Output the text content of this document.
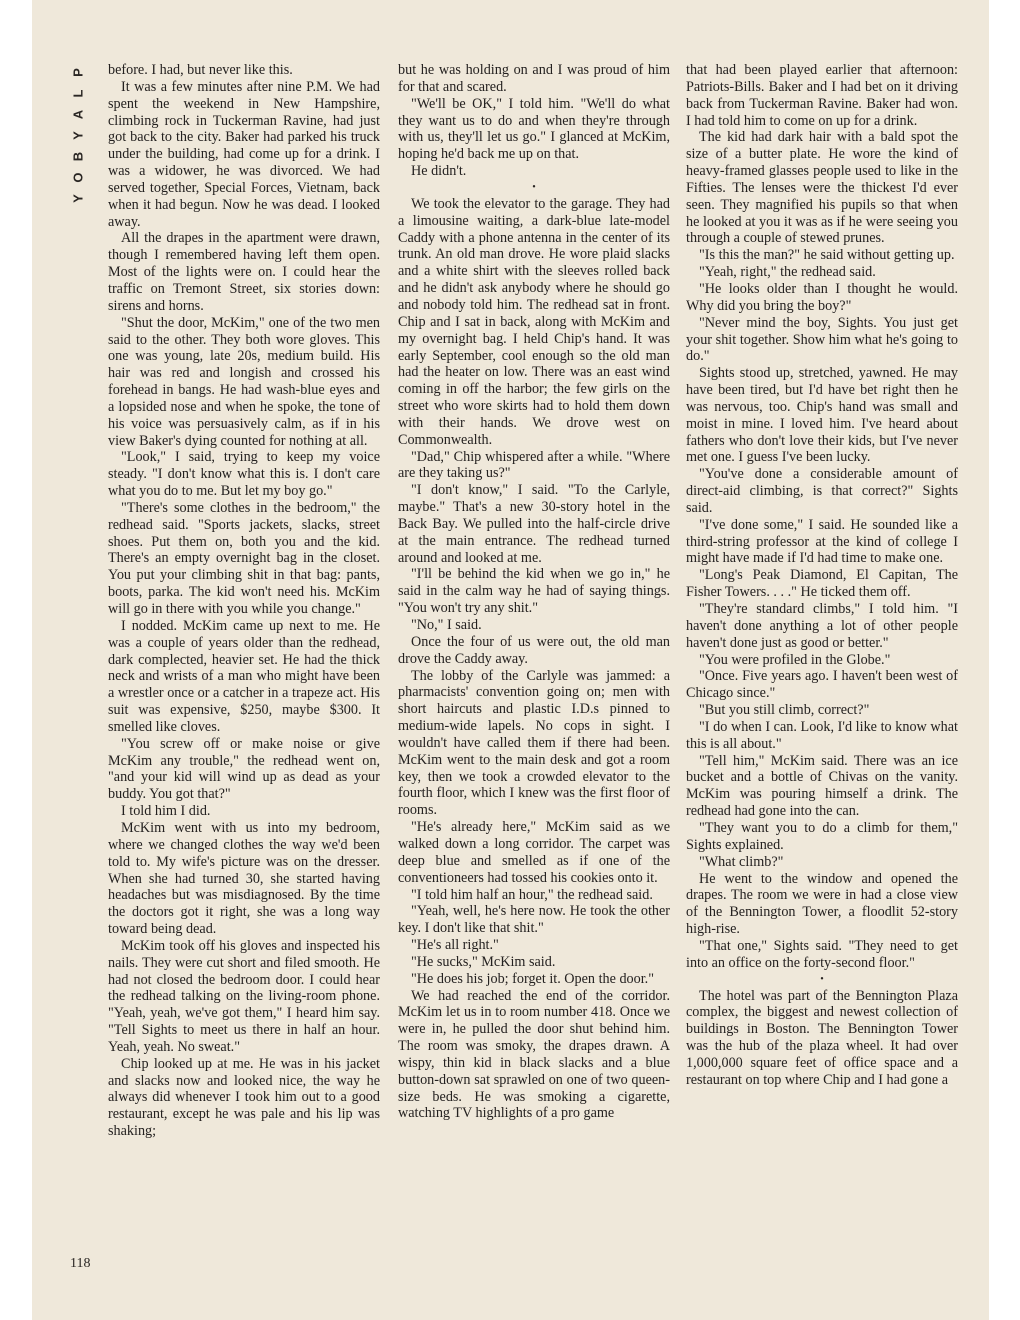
P
L
A
Y
B
O
Y
118

before. I had, but never like this.

It was a few minutes after nine P.M. We had spent the weekend in New Hampshire, climbing rock in Tuckerman Ravine, had just got back to the city. Baker had parked his truck under the building, had come up for a drink. I was a widower, he was divorced. We had served together, Special Forces, Vietnam, back when it had begun. Now he was dead. I looked away.

All the drapes in the apartment were drawn, though I remembered having left them open. Most of the lights were on. I could hear the traffic on Tremont Street, six stories down: sirens and horns.

"Shut the door, McKim," one of the two men said to the other. They both wore gloves. This one was young, late 20s, medium build. His hair was red and longish and crossed his forehead in bangs. He had wash-blue eyes and a lopsided nose and when he spoke, the tone of his voice was persuasively calm, as if in his view Baker's dying counted for nothing at all.

"Look," I said, trying to keep my voice steady. "I don't know what this is. I don't care what you do to me. But let my boy go."

"There's some clothes in the bedroom," the redhead said. "Sports jackets, slacks, street shoes. Put them on, both you and the kid. There's an empty overnight bag in the closet. You put your climbing shit in that bag: pants, boots, parka. The kid won't need his. McKim will go in there with you while you change."

I nodded. McKim came up next to me. He was a couple of years older than the redhead, dark complected, heavier set. He had the thick neck and wrists of a man who might have been a wrestler once or a catcher in a trapeze act. His suit was expensive, $250, maybe $300. It smelled like cloves.

"You screw off or make noise or give McKim any trouble," the redhead went on, "and your kid will wind up as dead as your buddy. You got that?"

I told him I did.

McKim went with us into my bedroom, where we changed clothes the way we'd been told to. My wife's picture was on the dresser. When she had turned 30, she started having headaches but was misdiagnosed. By the time the doctors got it right, she was a long way toward being dead.

McKim took off his gloves and inspected his nails. They were cut short and filed smooth. He had not closed the bedroom door. I could hear the redhead talking on the living-room phone. "Yeah, yeah, we've got them," I heard him say. "Tell Sights to meet us there in half an hour. Yeah, yeah. No sweat."

Chip looked up at me. He was in his jacket and slacks now and looked nice, the way he always did whenever I took him out to a good restaurant, except he was pale and his lip was shaking;

but he was holding on and I was proud of him for that and scared.

"We'll be OK," I told him. "We'll do what they want us to do and when they're through with us, they'll let us go." I glanced at McKim, hoping he'd back me up on that.

He didn't.

•

We took the elevator to the garage. They had a limousine waiting, a dark-blue late-model Caddy with a phone antenna in the center of its trunk. An old man drove. He wore plaid slacks and a white shirt with the sleeves rolled back and he didn't ask anybody where he should go and nobody told him. The redhead sat in front. Chip and I sat in back, along with McKim and my overnight bag. I held Chip's hand. It was early September, cool enough so the old man had the heater on low. There was an east wind coming in off the harbor; the few girls on the street who wore skirts had to hold them down with their hands. We drove west on Commonwealth.

"Dad," Chip whispered after a while. "Where are they taking us?"

"I don't know," I said. "To the Carlyle, maybe." That's a new 30-story hotel in the Back Bay. We pulled into the half-circle drive at the main entrance. The redhead turned around and looked at me.

"I'll be behind the kid when we go in," he said in the calm way he had of saying things. "You won't try any shit."

"No," I said.

Once the four of us were out, the old man drove the Caddy away.

The lobby of the Carlyle was jammed: a pharmacists' convention going on; men with short haircuts and plastic I.D.s pinned to medium-wide lapels. No cops in sight. I wouldn't have called them if there had been. McKim went to the main desk and got a room key, then we took a crowded elevator to the fourth floor, which I knew was the first floor of rooms.

"He's already here," McKim said as we walked down a long corridor. The carpet was deep blue and smelled as if one of the conventioneers had tossed his cookies onto it.

"I told him half an hour," the redhead said.

"Yeah, well, he's here now. He took the other key. I don't like that shit."

"He's all right."

"He sucks," McKim said.

"He does his job; forget it. Open the door."

We had reached the end of the corridor. McKim let us in to room number 418. Once we were in, he pulled the door shut behind him. The room was smoky, the drapes drawn. A wispy, thin kid in black slacks and a blue button-down sat sprawled on one of two queen-size beds. He was smoking a cigarette, watching TV highlights of a pro game

that had been played earlier that afternoon: Patriots-Bills. Baker and I had bet on it driving back from Tuckerman Ravine. Baker had won. I had told him to come on up for a drink.

The kid had dark hair with a bald spot the size of a butter plate. He wore the kind of heavy-framed glasses people used to like in the Fifties. The lenses were the thickest I'd ever seen. They magnified his pupils so that when he looked at you it was as if he were seeing you through a couple of stewed prunes.

"Is this the man?" he said without getting up.

"Yeah, right," the redhead said.

"He looks older than I thought he would. Why did you bring the boy?"

"Never mind the boy, Sights. You just get your shit together. Show him what he's going to do."

Sights stood up, stretched, yawned. He may have been tired, but I'd have bet right then he was nervous, too. Chip's hand was small and moist in mine. I loved him. I've heard about fathers who don't love their kids, but I've never met one. I guess I've been lucky.

"You've done a considerable amount of direct-aid climbing, is that correct?" Sights said.

"I've done some," I said. He sounded like a third-string professor at the kind of college I might have made if I'd had time to make one.

"Long's Peak Diamond, El Capitan, The Fisher Towers. . . ." He ticked them off.

"They're standard climbs," I told him. "I haven't done anything a lot of other people haven't done just as good or better."

"You were profiled in the Globe."

"Once. Five years ago. I haven't been west of Chicago since."

"But you still climb, correct?"

"I do when I can. Look, I'd like to know what this is all about."

"Tell him," McKim said. There was an ice bucket and a bottle of Chivas on the vanity. McKim was pouring himself a drink. The redhead had gone into the can.

"They want you to do a climb for them," Sights explained.

"What climb?"

He went to the window and opened the drapes. The room we were in had a close view of the Bennington Tower, a floodlit 52-story high-rise.

"That one," Sights said. "They need to get into an office on the forty-second floor."

•

The hotel was part of the Bennington Plaza complex, the biggest and newest collection of buildings in Boston. The Bennington Tower was the hub of the plaza wheel. It had over 1,000,000 square feet of office space and a restaurant on top where Chip and I had gone a
